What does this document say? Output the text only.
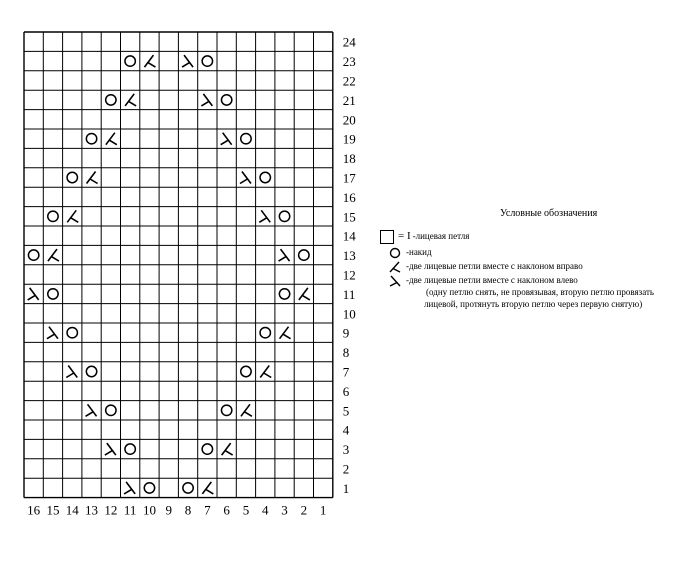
1
2
3
4
5
6
7
8
9
10
11
12
13
14
15
16
17
18
19
20
21
22
23
24
16 15 14 13 12 11 10 9 8 7 6 5 4 3 2 1
Условные обозначения
= I -лицевая петля
-накид
-две лицевые петли вместе с наклоном вправо
-две лицевые петли вместе с наклоном влево
(одну петлю снять, не провязывая, вторую петлю провязать
лицевой, протянуть вторую петлю через первую снятую)
